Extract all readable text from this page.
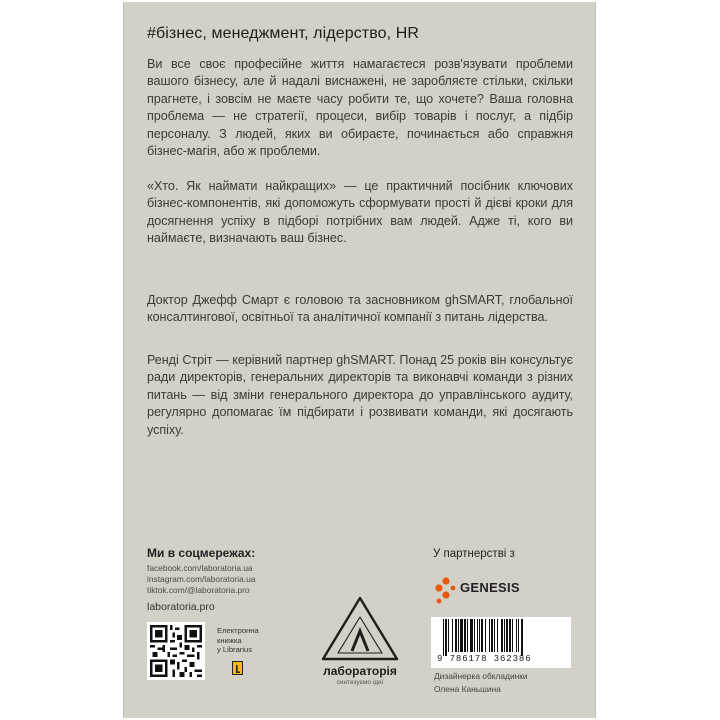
#бізнес, менеджмент, лідерство, HR

Ви все своє професійне життя намагаєтеся розв'язувати проблеми вашого бізнесу, але й надалі виснажені, не заробляєте стільки, скільки прагнете, і зовсім не маєте часу робити те, що хочете? Ваша головна проблема — не стратегії, процеси, вибір товарів і послуг, а підбір персоналу. З людей, яких ви обираєте, починається або справжня бізнес-магія, або ж проблеми.

«Хто. Як наймати найкращих» — це практичний посібник ключових бізнес-компонентів, які допоможуть сформувати прості й дієві кроки для досягнення успіху в підборі потрібних вам людей. Адже ті, кого ви наймаєте, визначають ваш бізнес.

Доктор Джефф Смарт є головою та засновником ghSMART, глобальної консалтингової, освітньої та аналітичної компанії з питань лідерства.

Ренді Стріт — керівний партнер ghSMART. Понад 25 років він консультує ради директорів, генеральних директорів та виконавчі команди з різних питань — від зміни генерального директора до управлінського аудиту, регулярно допомагає їм підбирати і розвивати команди, які досягають успіху.

Ми в соцмережах:
facebook.com/laboratoria.ua
instagram.com/laboratoria.ua
tiktok.com/@laboratoria.pro
laboratoria.pro
Електронна
книжка
у Librarius
лабораторія
синтезуємо ідеї
У партнерстві з
GENESIS
9 786178 362386
Дизайнерка обкладинки
Олена Каньшина
